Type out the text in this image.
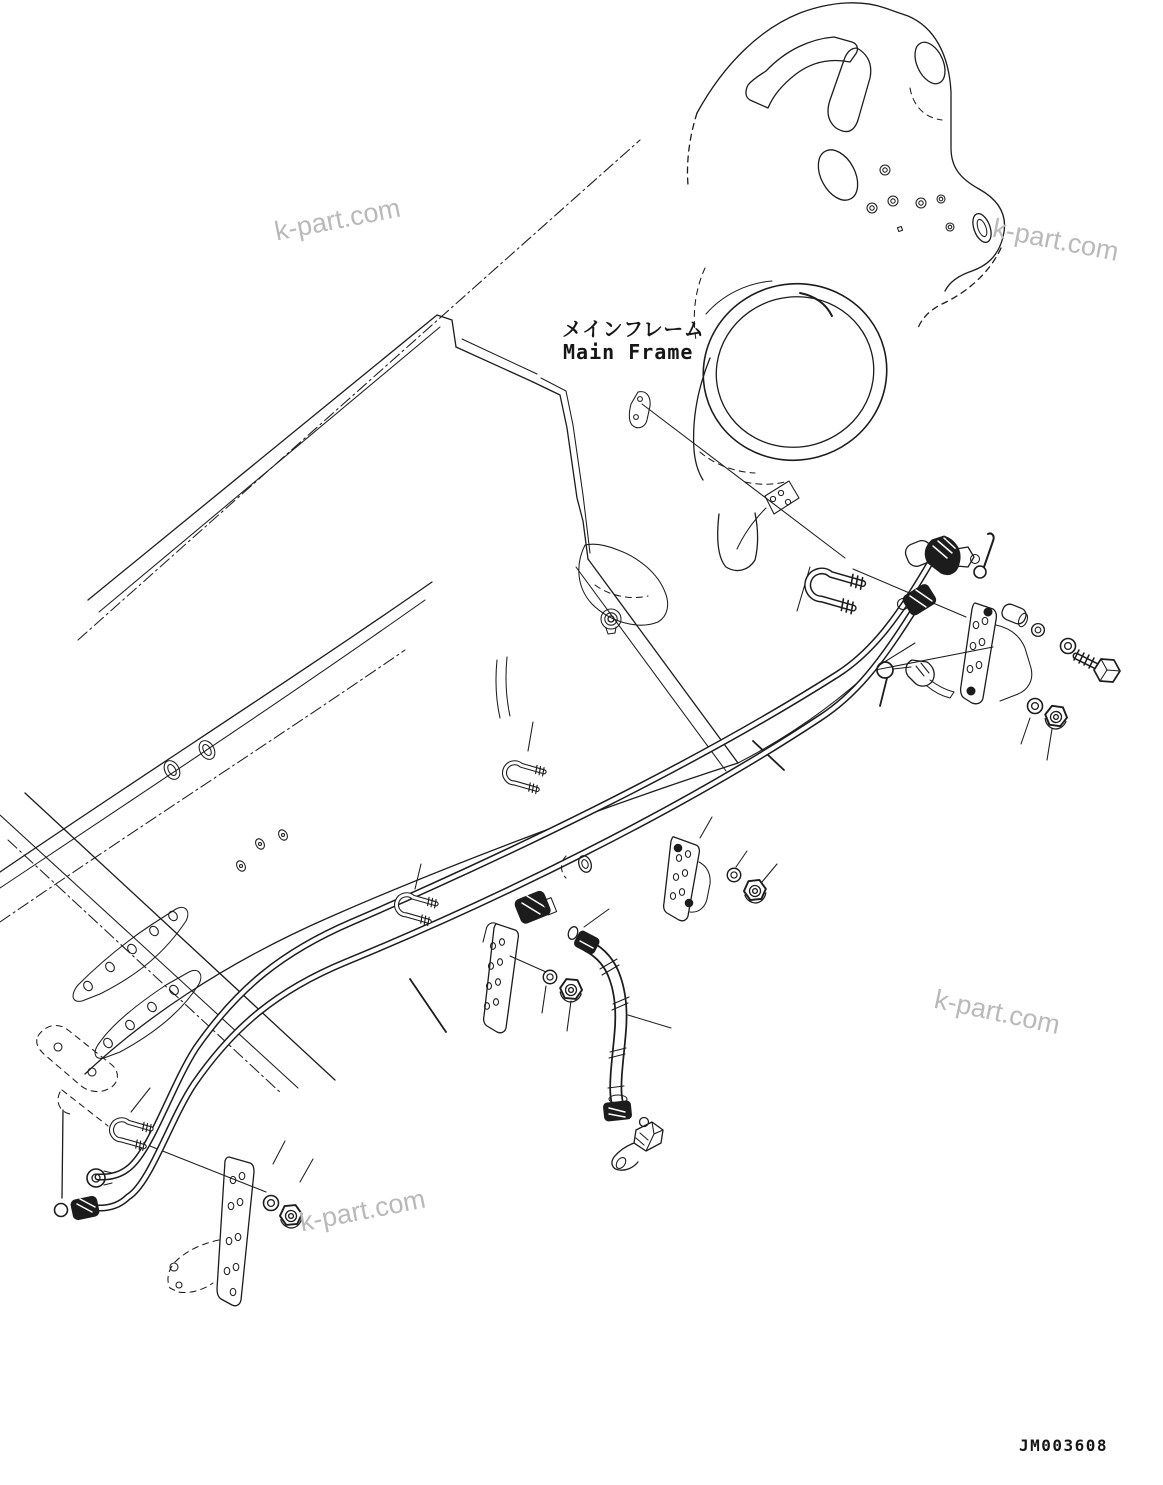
メインフレーム
Main Frame
JM003608
k-part.com	k-part.com
k-part.com
k-part.com
